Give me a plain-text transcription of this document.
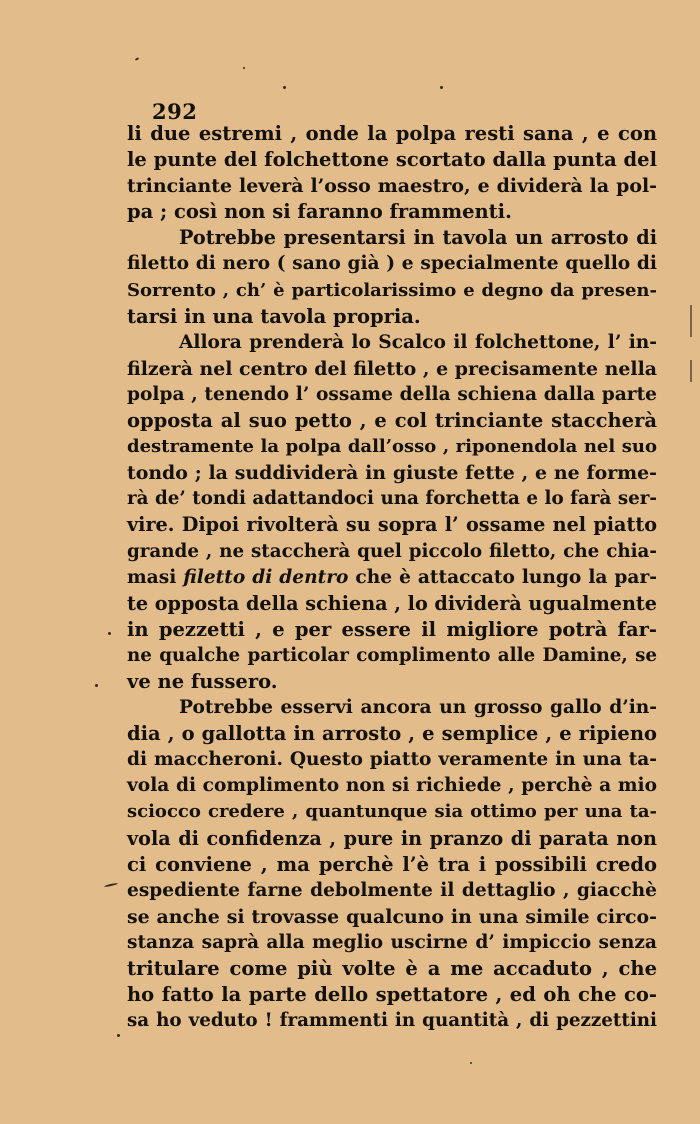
292
li due estremi , onde la polpa resti sana , e con
le punte del folchettone scortato dalla punta del
trinciante leverà l’osso maestro, e dividerà la pol-
pa ; così non si faranno frammenti.
Potrebbe presentarsi in tavola un arrosto di
filetto di nero ( sano già ) e specialmente quello di
Sorrento , ch’ è particolarissimo e degno da presen-
tarsi in una tavola propria.
Allora prenderà lo Scalco il folchettone, l’ in-
filzerà nel centro del filetto , e precisamente nella
polpa , tenendo l’ ossame della schiena dalla parte
opposta al suo petto , e col trinciante staccherà
destramente la polpa dall’osso , riponendola nel suo
tondo ; la suddividerà in giuste fette , e ne forme-
rà de’ tondi adattandoci una forchetta e lo farà ser-
vire. Dipoi rivolterà su sopra l’ ossame nel piatto
grande , ne staccherà quel piccolo filetto, che chia-
masi filetto di dentro che è attaccato lungo la par-
te opposta della schiena , lo dividerà ugualmente
in pezzetti , e per essere il migliore potrà far-
ne qualche particolar complimento alle Damine, se
ve ne fussero.
Potrebbe esservi ancora un grosso gallo d’in-
dia , o gallotta in arrosto , e semplice , e ripieno
di maccheroni. Questo piatto veramente in una ta-
vola di complimento non si richiede , perchè a mio
sciocco credere , quantunque sia ottimo per una ta-
vola di confidenza , pure in pranzo di parata non
ci conviene , ma perchè l’è tra i possibili credo
espediente farne debolmente il dettaglio , giacchè
se anche si trovasse qualcuno in una simile circo-
stanza saprà alla meglio uscirne d’ impiccio senza
tritulare come più volte è a me accaduto , che
ho fatto la parte dello spettatore , ed oh che co-
sa ho veduto ! frammenti in quantità , di pezzettini
